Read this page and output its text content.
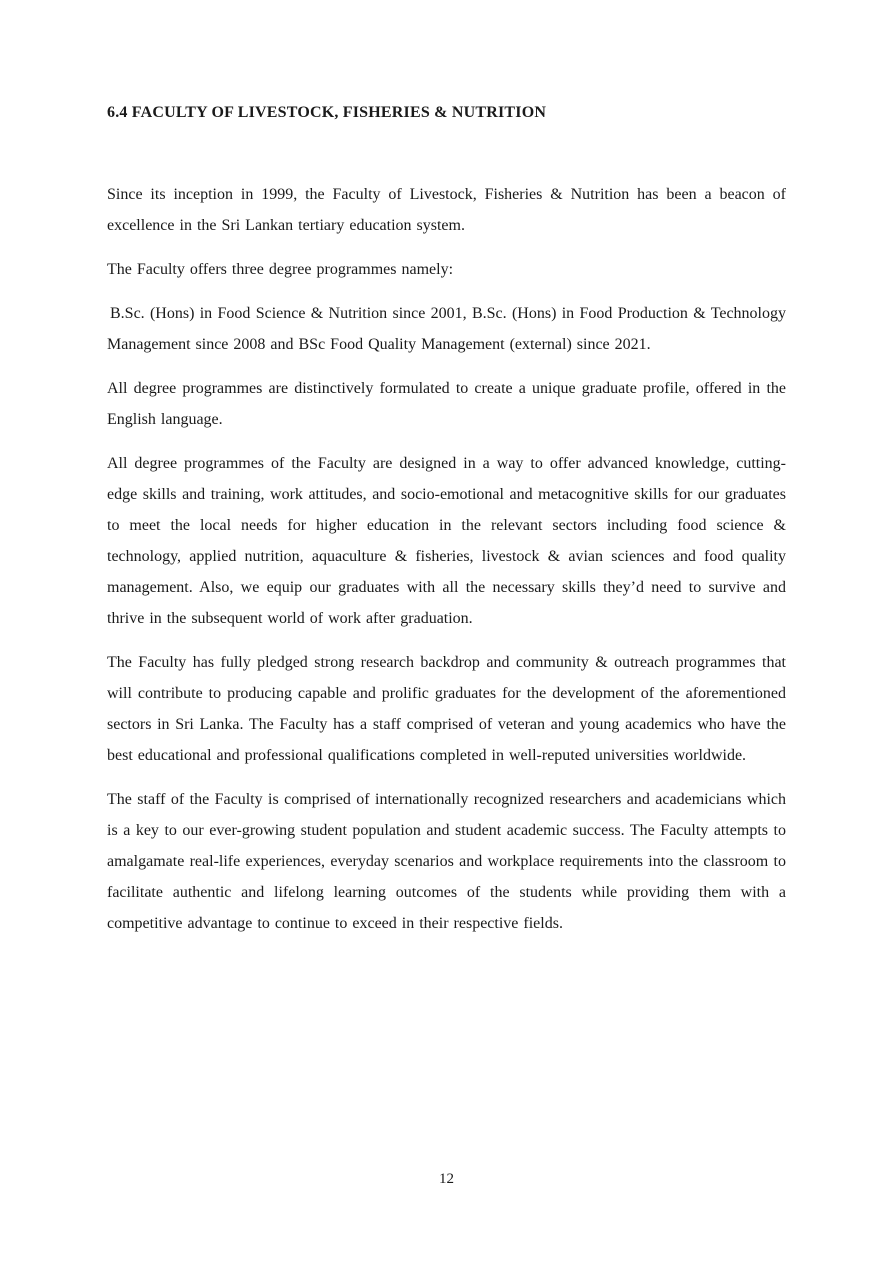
6.4 FACULTY OF LIVESTOCK, FISHERIES & NUTRITION

Since its inception in 1999, the Faculty of Livestock, Fisheries & Nutrition has been a beacon of excellence in the Sri Lankan tertiary education system.

The Faculty offers three degree programmes namely:

B.Sc. (Hons) in Food Science & Nutrition since 2001, B.Sc. (Hons) in Food Production & Technology Management since 2008 and BSc Food Quality Management (external) since 2021.

All degree programmes are distinctively formulated to create a unique graduate profile, offered in the English language.

All degree programmes of the Faculty are designed in a way to offer advanced knowledge, cutting-edge skills and training, work attitudes, and socio-emotional and metacognitive skills for our graduates to meet the local needs for higher education in the relevant sectors including food science & technology, applied nutrition, aquaculture & fisheries, livestock & avian sciences and food quality management. Also, we equip our graduates with all the necessary skills they’d need to survive and thrive in the subsequent world of work after graduation.

The Faculty has fully pledged strong research backdrop and community & outreach programmes that will contribute to producing capable and prolific graduates for the development of the aforementioned sectors in Sri Lanka. The Faculty has a staff comprised of veteran and young academics who have the best educational and professional qualifications completed in well-reputed universities worldwide.

The staff of the Faculty is comprised of internationally recognized researchers and academicians which is a key to our ever-growing student population and student academic success. The Faculty attempts to amalgamate real-life experiences, everyday scenarios and workplace requirements into the classroom to facilitate authentic and lifelong learning outcomes of the students while providing them with a competitive advantage to continue to exceed in their respective fields.

12
